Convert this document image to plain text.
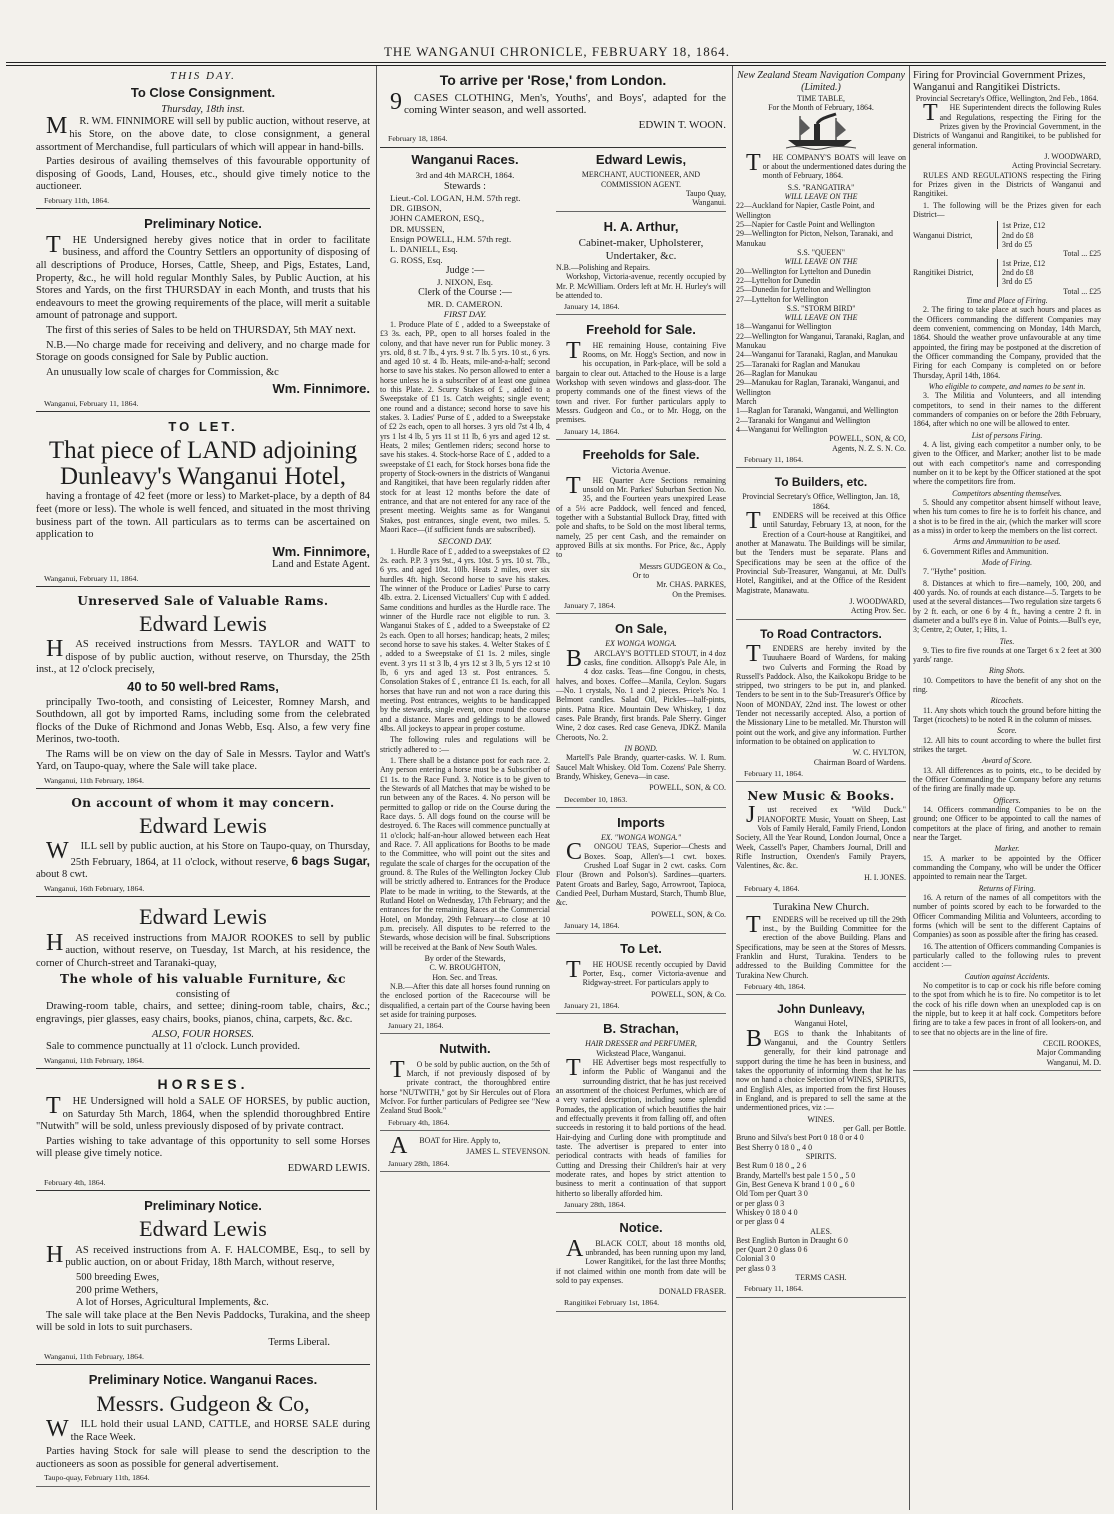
THE WANGANUI CHRONICLE, FEBRUARY 18, 1864.
THIS DAY.
To Close Consignment.
Thursday, 18th inst.

MR. WM. FINNIMORE will sell by public auction, without reserve, at his Store, on the above date, to close consignment, a general assortment of Merchandise, full particulars of which will appear in hand-bills.

Parties desirous of availing themselves of this favourable opportunity of disposing of Goods, Land, Houses, etc., should give timely notice to the auctioneer.

February 11th, 1864.
Preliminary Notice.

THE Undersigned hereby gives notice that in order to facilitate business, and afford the Country Settlers an opportunity of disposing of all descriptions of Produce, Horses, Cattle, Sheep, and Pigs, Estates, Land, Property, &c., he will hold regular Monthly Sales, by Public Auction, at his Stores and Yards, on the first THURSDAY in each Month, and trusts that his endeavours to meet the growing requirements of the place, will merit a suitable amount of patronage and support.

The first of this series of Sales to be held on THURSDAY, 5th MAY next.

N.B.—No charge made for receiving and delivery, and no charge made for Storage on goods consigned for Sale by Public auction.

An unusually low scale of charges for Commission, &c

Wm. Finnimore.
Wanganui, February 11, 1864.
TO LET.
That piece of LAND adjoining Dunleavy's Wanganui Hotel,

having a frontage of 42 feet (more or less) to Market-place, by a depth of 84 feet (more or less). The whole is well fenced, and situated in the most thriving business part of the town. All particulars as to terms can be ascertained on application to

Wm. Finnimore,
Land and Estate Agent.
Wanganui, February 11, 1864.
Unreserved Sale of Valuable Rams.
Edward Lewis

HAS received instructions from Messrs. TAYLOR and WATT to dispose of by public auction, without reserve, on Thursday, the 25th inst., at 12 o'clock precisely,

40 to 50 well-bred Rams,

principally Two-tooth, and consisting of Leicester, Romney Marsh, and Southdown, all got by imported Rams, including some from the celebrated flocks of the Duke of Richmond and Jonas Webb, Esq. Also, a few very fine Merinos, two-tooth.

The Rams will be on view on the day of Sale in Messrs. Taylor and Watt's Yard, on Taupo-quay, where the Sale will take place.

Wanganui, 11th February, 1864.
On account of whom it may concern.
Edward Lewis

WILL sell by public auction, at his Store on Taupo-quay, on Thursday, 25th February, 1864, at 11 o'clock, without reserve, 6 bags Sugar, about 8 cwt.

Wanganui, 16th February, 1864.
Edward Lewis

HAS received instructions from MAJOR ROOKES to sell by public auction, without reserve, on Tuesday, 1st March, at his residence, the corner of Church-street and Taranaki-quay,

The whole of his valuable Furniture, &c
consisting of

Drawing-room table, chairs, and settee; dining-room table, chairs, &c.; engravings, pier glasses, easy chairs, books, pianos, china, carpets, &c. &c.

ALSO, FOUR HORSES.

Sale to commence punctually at 11 o'clock. Lunch provided.

Wanganui, 11th February, 1864.
HORSES.

THE Undersigned will hold a SALE OF HORSES, by public auction, on Saturday 5th March, 1864, when the splendid thoroughbred Entire "Nutwith" will be sold, unless previously disposed of by private contract.

Parties wishing to take advantage of this opportunity to sell some Horses will please give timely notice.

EDWARD LEWIS.
February 4th, 1864.
Preliminary Notice.
Edward Lewis

HAS received instructions from A. F. HALCOMBE, Esq., to sell by public auction, on or about Friday, 18th March, without reserve,

500 breeding Ewes,
200 prime Wethers,
A lot of Horses, Agricultural Implements, &c.

The sale will take place at the Ben Nevis Paddocks, Turakina, and the sheep will be sold in lots to suit purchasers.

Terms Liberal.
Wanganui, 11th February, 1864.
Preliminary Notice. Wanganui Races.
Messrs. Gudgeon & Co,

WILL hold their usual LAND, CATTLE, and HORSE SALE during the Race Week.

Parties having Stock for sale will please to send the description to the auctioneers as soon as possible for general advertisement.

Taupo-quay, February 11th, 1864.
To arrive per 'Rose,' from London.

9CASES CLOTHING, Men's, Youths', and Boys', adapted for the coming Winter season, and well assorted.

EDWIN T. WOON.
February 18, 1864.
Wanganui Races.
3rd and 4th MARCH, 1864.
Stewards :
Lieut.-Col. LOGAN, H.M. 57th regt.
DR. GIBSON,
JOHN CAMERON, ESQ.,
DR. MUSSEN,
Ensign POWELL, H.M. 57th regt.
L. DANIELL, Esq.
G. ROSS, Esq.
Judge :—
J. NIXON, Esq.
Clerk of the Course :—
MR. D. CAMERON.
FIRST DAY.

1. Produce Plate of £ , added to a Sweepstake of £3 3s. each, PP., open to all horses foaled in the colony, and that have never run for Public money. 3 yrs. old, 8 st. 7 lb., 4 yrs. 9 st. 7 lb. 5 yrs. 10 st., 6 yrs. and aged 10 st. 4 lb. Heats, mile-and-a-half; second horse to save his stakes. No person allowed to enter a horse unless he is a subscriber of at least one guinea to this Plate. 2. Scurry Stakes of £ , added to a Sweepstake of £1 1s. Catch weights; single event; one round and a distance; second horse to save his stakes. 3. Ladies' Purse of £ , added to a Sweepstake of £2 2s each, open to all horses. 3 yrs old 7st 4 lb, 4 yrs 1 lst 4 lb, 5 yrs 11 st 11 lb, 6 yrs and aged 12 st. Heats, 2 miles; Gentlemen riders; second horse to save his stakes. 4. Stock-horse Race of £ , added to a sweepstake of £1 each, for Stock horses bona fide the property of Stock-owners in the districts of Wanganui and Rangitikei, that have been regularly ridden after stock for at least 12 months before the date of entrance, and that are not entered for any race of the present meeting. Weights same as for Wanganui Stakes, post entrances, single event, two miles. 5. Maori Race—(if sufficient funds are subscribed).

SECOND DAY.

1. Hurdle Race of £ , added to a sweepstakes of £2 2s. each. P.P. 3 yrs 9st., 4 yrs. 10st. 5 yrs. 10 st. 7lb., 6 yrs. and aged 10st. 10lb. Heats 2 miles, over six hurdles 4ft. high. Second horse to save his stakes. The winner of the Produce or Ladies' Purse to carry 4lb. extra. 2. Licensed Victuallers' Cup with £ added. Same conditions and hurdles as the Hurdle race. The winner of the Hurdle race not eligible to run. 3. Wanganui Stakes of £ , added to a Sweepstake of £2 2s each. Open to all horses; handicap; heats, 2 miles; second horse to save his stakes. 4. Welter Stakes of £ , added to a Sweepstake of £1 1s. 2 miles, single event. 3 yrs 11 st 3 lb, 4 yrs 12 st 3 lb, 5 yrs 12 st 10 lb, 6 yrs and aged 13 st. Post entrances. 5. Consolation Stakes of £ , entrance £1 1s. each, for all horses that have run and not won a race during this meeting. Post entrances, weights to be handicapped by the stewards, single event, once round the course and a distance. Mares and geldings to be allowed 4lbs. All jockeys to appear in proper costume.

The following rules and regulations will be strictly adhered to :—

1. There shall be a distance post for each race. 2. Any person entering a horse must be a Subscriber of £1 1s. to the Race Fund. 3. Notice is to be given to the Stewards of all Matches that may be wished to be run between any of the Races. 4. No person will be permitted to gallop or ride on the Course during the Race days. 5. All dogs found on the course will be destroyed. 6. The Races will commence punctually at 11 o'clock; half-an-hour allowed between each Heat and Race. 7. All applications for Booths to be made to the Committee, who will point out the sites and regulate the scale of charges for the occupation of the ground. 8. The Rules of the Wellington Jockey Club will be strictly adhered to. Entrances for the Produce Plate to be made in writing, to the Stewards, at the Rutland Hotel on Wednesday, 17th February; and the entrances for the remaining Races at the Commercial Hotel, on Monday, 29th February—to close at 10 p.m. precisely. All disputes to be referred to the Stewards, whose decision will be final. Subscriptions will be received at the Bank of New South Wales.

By order of the Stewards,
C. W. BROUGHTON,
Hon. Sec. and Treas.

N.B.—After this date all horses found running on the enclosed portion of the Racecourse will be disqualified, a certain part of the Course having been set aside for training purposes.

January 21, 1864.
Nutwith.

TO be sold by public auction, on the 5th of March, if not previously disposed of by private contract, the thoroughbred entire horse "NUTWITH," got by Sir Hercules out of Flora McIvor. For further particulars of Pedigree see "New Zealand Stud Book."

February 4th, 1864.

ABOAT for Hire. Apply to,

JAMES L. STEVENSON.
January 28th, 1864.
Edward Lewis,
MERCHANT, AUCTIONEER, AND COMMISSION AGENT.
Taupo Quay,
Wanganui.
H. A. Arthur,
Cabinet-maker, Upholsterer, Undertaker, &c.
N.B.—Polishing and Repairs.

Workshop, Victoria-avenue, recently occupied by Mr. P. McWilliam. Orders left at Mr. H. Hurley's will be attended to.

January 14, 1864.
Freehold for Sale.

THE remaining House, containing Five Rooms, on Mr. Hogg's Section, and now in his occupation, in Park-place, will be sold a bargain to clear out. Attached to the House is a large Workshop with seven windows and glass-door. The property commands one of the finest views of the town and river. For further particulars apply to Messrs. Gudgeon and Co., or to Mr. Hogg, on the premises.

January 14, 1864.
Freeholds for Sale.
Victoria Avenue.

THE Quarter Acre Sections remaining unsold on Mr. Parkes' Suburban Section No. 35, and the Fourteen years unexpired Lease of a 5½ acre Paddock, well fenced and fenced, together with a Substantial Bullock Dray, fitted with pole and shafts, to be Sold on the most liberal terms, namely, 25 per cent Cash, and the remainder on approved Bills at six months. For Price, &c., Apply to

Messrs GUDGEON & Co.,
Or to
Mr. CHAS. PARKES,
On the Premises.
January 7, 1864.
On Sale,
EX WONGA WONGA.

BARCLAY'S BOTTLED STOUT, in 4 doz casks, fine condition. Allsopp's Pale Ale, in 4 doz casks. Teas—fine Congou, in chests, halves, and boxes. Coffee—Manila, Ceylon. Sugars—No. 1 crystals, No. 1 and 2 pieces. Price's No. 1 Belmont candles. Salad Oil, Pickles—half-pints, pints. Patna Rice. Mountain Dew Whiskey, 1 doz cases. Pale Brandy, first brands. Pale Sherry. Ginger Wine, 2 doz cases. Red case Geneva, JDKZ. Manila Cheroots, No. 2.

IN BOND.

Martell's Pale Brandy, quarter-casks. W. I. Rum. Saucel Malt Whiskey. Old Tom. Cozens' Pale Sherry. Brandy, Whiskey, Geneva—in case.

POWELL, SON, & CO.
December 10, 1863.
Imports
EX. "WONGA WONGA."

CONGOU TEAS, Superior—Chests and Boxes. Soap, Allen's—1 cwt. boxes. Crushed Loaf Sugar in 2 cwt. casks. Corn Flour (Brown and Polson's). Sardines—quarters. Patent Groats and Barley, Sago, Arrowroot, Tapioca, Candied Peel, Durham Mustard, Starch, Thumb Blue, &c.

POWELL, SON, & Co.
January 14, 1864.
To Let.

THE HOUSE recently occupied by David Porter, Esq., corner Victoria-avenue and Ridgway-street. For particulars apply to

POWELL, SON, & Co.
January 21, 1864.
B. Strachan,
HAIR DRESSER and PERFUMER,
Wickstead Place, Wanganui.

THE Advertiser begs most respectfully to inform the Public of Wanganui and the surrounding district, that he has just received an assortment of the choicest Perfumes, which are of a very varied description, including some splendid Pomades, the application of which beautifies the hair and effectually prevents it from falling off, and often succeeds in restoring it to bald portions of the head. Hair-dying and Curling done with promptitude and taste. The advertiser is prepared to enter into periodical contracts with heads of families for Cutting and Dressing their Children's hair at very moderate rates, and hopes by strict attention to business to merit a continuation of that support hitherto so liberally afforded him.

January 28th, 1864.
Notice.

ABLACK COLT, about 18 months old, unbranded, has been running upon my land, Lower Rangitikei, for the last three Months; if not claimed within one month from date will be sold to pay expenses.

DONALD FRASER.
Rangitikei February 1st, 1864.
New Zealand Steam Navigation Company (Limited.)
TIME TABLE,
For the Month of February, 1864.

THE COMPANY'S BOATS will leave on or about the undermentioned dates during the month of February, 1864.

S.S. "RANGATIRA"
WILL LEAVE ON THE
22—Auckland for Napier, Castle Point, and Wellington
25—Napier for Castle Point and Wellington
29—Wellington for Picton, Nelson, Taranaki, and Manukau
S.S. "QUEEN"
WILL LEAVE ON THE
20—Wellington for Lyttelton and Dunedin
22—Lyttelton for Dunedin
25—Dunedin for Lyttelton and Wellington
27—Lyttelton for Wellington
S.S. "STORM BIRD"
WILL LEAVE ON THE
18—Wanganui for Wellington
22—Wellington for Wanganui, Taranaki, Raglan, and Manukau
24—Wanganui for Taranaki, Raglan, and Manukau
25—Taranaki for Raglan and Manukau
26—Raglan for Manukau
29—Manukau for Raglan, Taranaki, Wanganui, and Wellington
March
1—Raglan for Taranaki, Wanganui, and Wellington
2—Taranaki for Wanganui and Wellington
4—Wanganui for Wellington
POWELL, SON, & CO,
Agents, N. Z. S. N. Co.
February 11, 1864.
To Builders, etc.
Provincial Secretary's Office, Wellington, Jan. 18, 1864.

TENDERS will be received at this Office until Saturday, February 13, at noon, for the Erection of a Court-house at Rangitikei, and another at Manawatu. The Buildings will be similar, but the Tenders must be separate. Plans and Specifications may be seen at the office of the Provincial Sub-Treasurer, Wanganui, at Mr. Dull's Hotel, Rangitikei, and at the Office of the Resident Magistrate, Manawatu.

J. WOODWARD,
Acting Prov. Sec.
To Road Contractors.

TENDERS are hereby invited by the Tuuuhaere Board of Wardens, for making two Culverts and Forming the Road by Russell's Paddock. Also, the Kaikokopu Bridge to be stripped, two stringers to be put in, and planked. Tenders to be sent in to the Sub-Treasurer's Office by Noon of MONDAY, 22nd inst. The lowest or other Tender not necessarily accepted. Also, a portion of the Missionary Line to be metalled. Mr. Thurston will point out the work, and give any information. Further information to be obtained on application to

W. C. HYLTON,
Chairman Board of Wardens.
February 11, 1864.
New Music & Books.

Just received ex "Wild Duck." PIANOFORTE Music, Youatt on Sheep, Last Vols of Family Herald, Family Friend, London Society, All the Year Round, London Journal, Once a Week, Cassell's Paper, Chambers Journal, Drill and Rifle Instruction, Oxenden's Family Prayers, Valentines, &c. &c.

H. I. JONES.
February 4, 1864.
Turakina New Church.

TENDERS will be received up till the 29th inst., by the Building Committee for the erection of the above Building. Plans and Specifications, may be seen at the Stores of Messrs. Franklin and Hurst, Turakina. Tenders to be addressed to the Building Committee for the Turakina New Church.

February 4th, 1864.
John Dunleavy,
Wanganui Hotel,

BEGS to thank the Inhabitants of Wanganui, and the Country Settlers generally, for their kind patronage and support during the time he has been in business, and takes the opportunity of informing them that he has now on hand a choice Selection of WINES, SPIRITS, and English Ales, as imported from the first Houses in England, and is prepared to sell the same at the undermentioned prices, viz :—

WINES.
per Gall. per Bottle.
Bruno and Silva's best Port 0 18 0 or 4 0
Best Sherry 0 18 0 „ 4 0
SPIRITS.
Best Rum 0 18 0 „ 2 6
Brandy, Martell's best pale 1 5 0 „ 5 0
Gin, Best Geneva K brand 1 0 0 „ 6 0
Old Tom per Quart 3 0
or per glass 0 3
Whiskey 0 18 0 4 0
or per glass 0 4
ALES.
Best English Burton in Draught 6 0
per Quart 2 0 glass 0 6
Colonial 3 0
per glass 0 3
TERMS CASH.
February 11, 1864.
Firing for Provincial Government Prizes, Wanganui and Rangitikei Districts.
Provincial Secretary's Office, Wellington, 2nd Feb., 1864.

THE Superintendent directs the following Rules and Regulations, respecting the Firing for the Prizes given by the Provincial Government, in the Districts of Wanganui and Rangitikei, to be published for general information.

J. WOODWARD,
Acting Provincial Secretary.

RULES AND REGULATIONS respecting the Firing for Prizes given in the Districts of Wanganui and Rangitikei.

1. The following will be the Prizes given for each District—

Wanganui District,
1st Prize, £12
2nd do £8
3rd do £5
Total ... £25
Rangitikei District,
1st Prize, £12
2nd do £8
3rd do £5
Total ... £25
Time and Place of Firing.

2. The firing to take place at such hours and places as the Officers commanding the different Companies may deem convenient, commencing on Monday, 14th March, 1864. Should the weather prove unfavourable at any time appointed, the firing may be postponed at the discretion of the Officer commanding the Company, provided that the Firing for each Company is completed on or before Thursday, April 14th, 1864.

Who eligible to compete, and names to be sent in.

3. The Militia and Volunteers, and all intending competitors, to send in their names to the different commanders of companies on or before the 28th February, 1864, after which no one will be allowed to enter.

List of persons Firing.

4. A list, giving each competitor a number only, to be given to the Officer, and Marker; another list to be made out with each competitor's name and corresponding number on it to be kept by the Officer stationed at the spot where the competitors fire from.

Competitors absenting themselves.

5. Should any competitor absent himself without leave, when his turn comes to fire he is to forfeit his chance, and a shot is to be fired in the air, (which the marker will score as a miss) in order to keep the members on the list correct.

Arms and Ammunition to be used.

6. Government Rifles and Ammunition.

Mode of Firing.

7. "Hythe" position.

8. Distances at which to fire—namely, 100, 200, and 400 yards. No. of rounds at each distance—5. Targets to be used at the several distances—Two regulation size targets 6 by 2 ft. each, or one 6 by 4 ft., having a centre 2 ft. in diameter and a bull's eye 8 in. Value of Points.—Bull's eye, 3; Centre, 2; Outer, 1; Hits, 1.

Ties.

9. Ties to fire five rounds at one Target 6 x 2 feet at 300 yards' range.

Ring Shots.

10. Competitors to have the benefit of any shot on the ring.

Ricochets.

11. Any shots which touch the ground before hitting the Target (ricochets) to be noted R in the column of misses.

Score.

12. All hits to count according to where the bullet first strikes the target.

Award of Score.

13. All differences as to points, etc., to be decided by the Officer Commanding the Company before any returns of the firing are finally made up.

Officers.

14. Officers commanding Companies to be on the ground; one Officer to be appointed to call the names of competitors at the place of firing, and another to remain near the Target.

Marker.

15. A marker to be appointed by the Officer commanding the Company, who will be under the Officer appointed to remain near the Target.

Returns of Firing.

16. A return of the names of all competitors with the number of points scored by each to be forwarded to the Officer Commanding Militia and Volunteers, according to forms (which will be sent to the different Captains of Companies) as soon as possible after the firing has ceased.

16. The attention of Officers commanding Companies is particularly called to the following rules to prevent accident :—

Caution against Accidents.

No competitor is to cap or cock his rifle before coming to the spot from which he is to fire. No competitor is to let the cock of his rifle down when an unexploded cap is on the nipple, but to keep it at half cock. Competitors before firing are to take a few paces in front of all lookers-on, and to see that no objects are in the line of fire.

CECIL ROOKES,
Major Commanding
Wanganui, M. D.
